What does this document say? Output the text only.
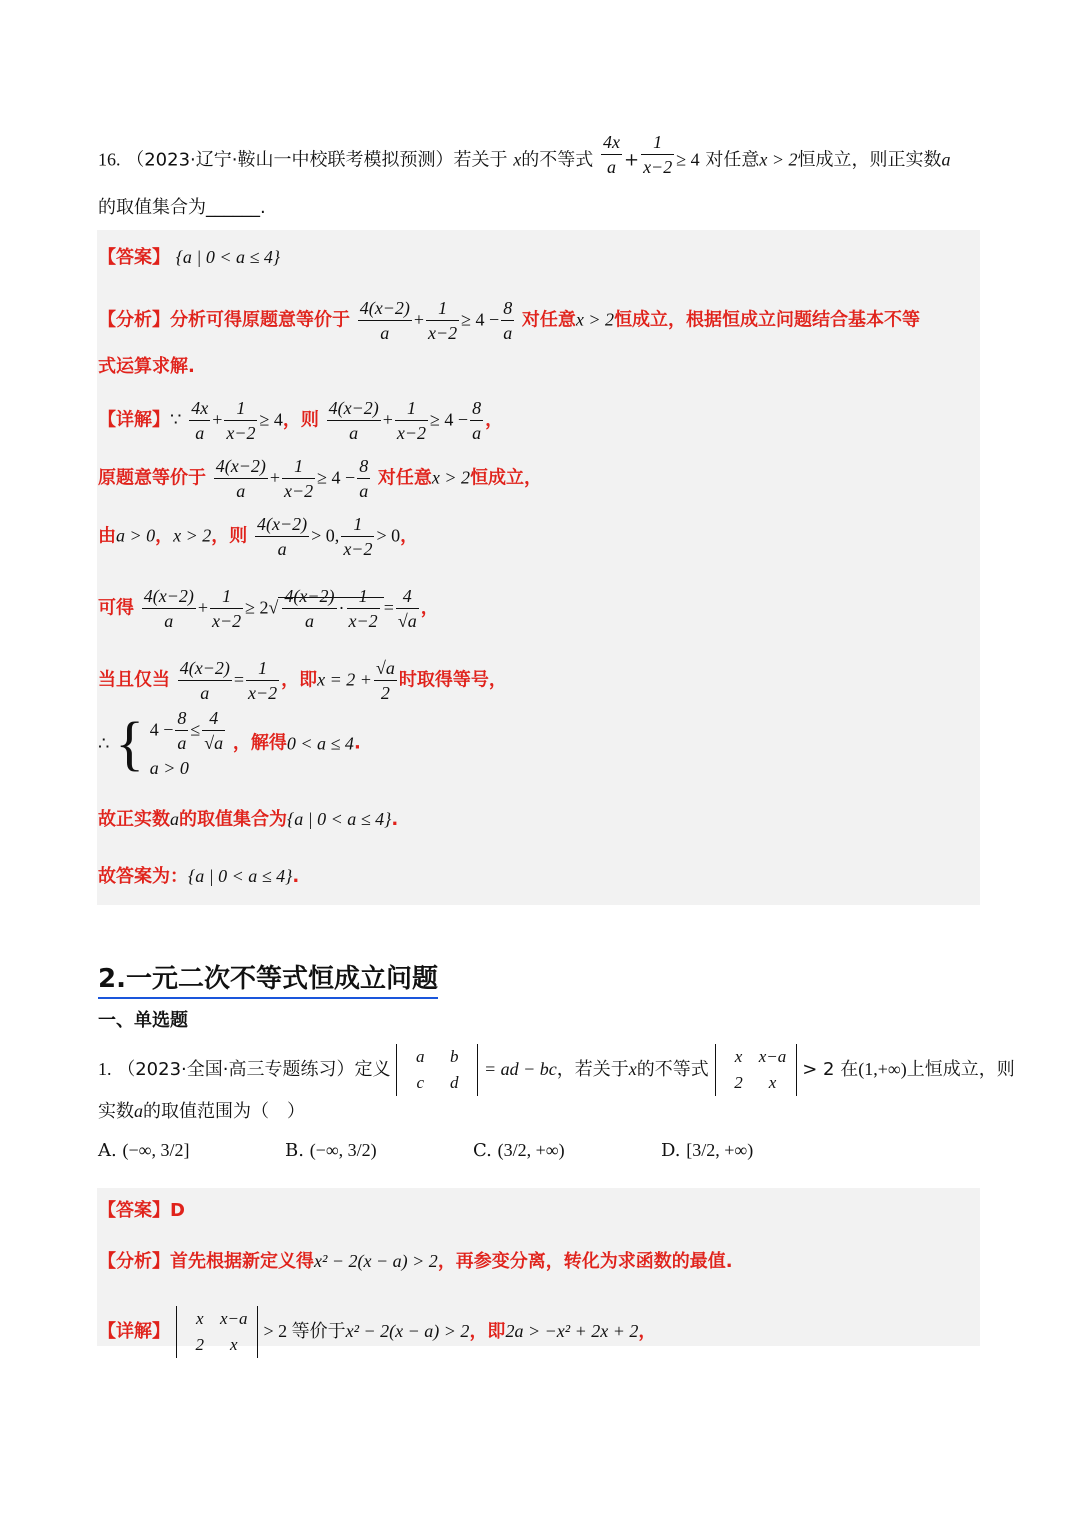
16. （2023·辽宁·鞍山一中校联考模拟预测）若关于 x的不等式 $\frac{4x}{a} + \frac{1}{x-2} \ge 4$ 对任意x > 2恒成立，则正实数a
的取值集合为______.
【答案】 {a | 0 < a ≤ 4}
【分析】分析可得原题意等价于 $\frac{4(x-2)}{a} + \frac{1}{x-2} \ge 4 - \frac{8}{a}$ 对任意x > 2恒成立，根据恒成立问题结合基本不等
式运算求解.
【详解】∵ $\frac{4x}{a} + \frac{1}{x-2} \ge 4$，则 $\frac{4(x-2)}{a} + \frac{1}{x-2} \ge 4 - \frac{8}{a}$ ，
原题意等价于 $\frac{4(x-2)}{a} + \frac{1}{x-2} \ge 4 - \frac{8}{a}$ 对任意x > 2恒成立，
由a > 0，x > 2，则 $\frac{4(x-2)}{a} > 0$, $\frac{1}{x-2} > 0$，
可得 $\frac{4(x-2)}{a} + \frac{1}{x-2} \ge 2√ \frac{4(x-2)}{a} \cdot \frac{1}{x-2} = \frac{4}{√a}$ ，
当且仅当 $\frac{4(x-2)}{a} = \frac{1}{x-2}$ ，即$x = 2 + \frac{√a}{2}$ 时取得等号，
∴ { $4 - \frac{8}{a} \le \frac{4}{√a}$
a > 0
，解得0 < a ≤ 4.
故正实数a的取值集合为{a | 0 < a ≤ 4}.
故答案为：{a | 0 < a ≤ 4}.
2.一元二次不等式恒成立问题
一、单选题
1. （2023·全国·高三专题练习）定义 a b
c d = ad − bc，若关于x的不等式 x x−a
2 x > 2 在(1,+∞)上恒成立，则
实数a的取值范围为（　）
A. (−∞, 3/2]	B. (−∞, 3/2)	C. (3/2, +∞)	D. [3/2, +∞)
【答案】D
【分析】首先根据新定义得x² − 2(x − a) > 2，再参变分离，转化为求函数的最值.
【详解】 x x−a
2 x > 2 等价于x² − 2(x − a) > 2，即2a > −x² + 2x + 2，
